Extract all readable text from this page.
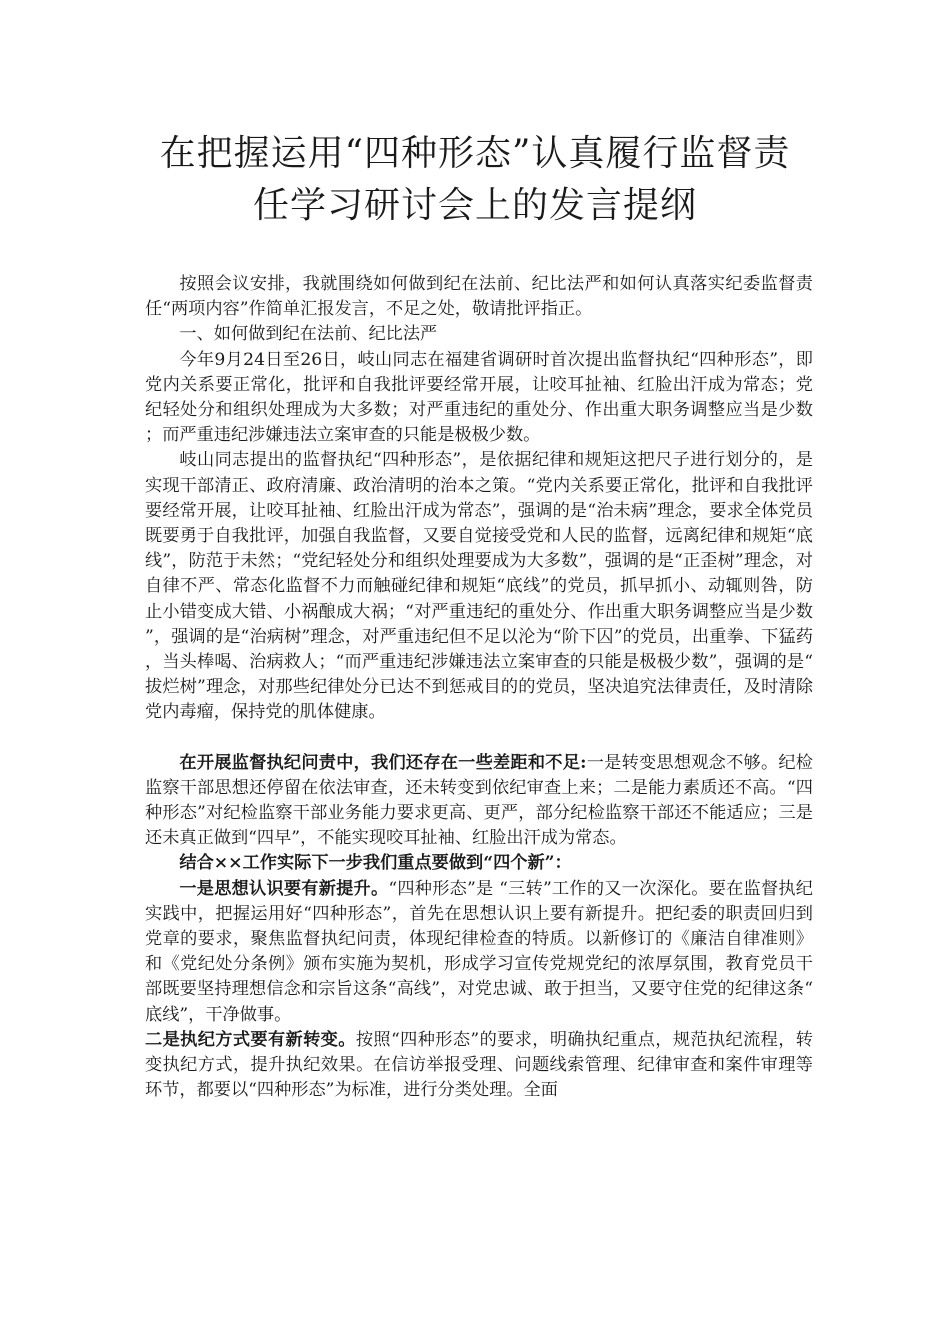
在把握运用“四种形态”认真履行监督责
任学习研讨会上的发言提纲

按照会议安排，我就围绕如何做到纪在法前、纪比法严和如何认真落实纪委监督责任“两项内容”作简单汇报发言，不足之处，敬请批评指正。

一、如何做到纪在法前、纪比法严

今年9月24日至26日，岐山同志在福建省调研时首次提出监督执纪“四种形态”，即党内关系要正常化，批评和自我批评要经常开展，让咬耳扯袖、红脸出汗成为常态；党纪轻处分和组织处理成为大多数；对严重违纪的重处分、作出重大职务调整应当是少数；而严重违纪涉嫌违法立案审查的只能是极极少数。

岐山同志提出的监督执纪“四种形态”，是依据纪律和规矩这把尺子进行划分的，是实现干部清正、政府清廉、政治清明的治本之策。“党内关系要正常化，批评和自我批评要经常开展，让咬耳扯袖、红脸出汗成为常态”，强调的是“治未病”理念，要求全体党员既要勇于自我批评，加强自我监督，又要自觉接受党和人民的监督，远离纪律和规矩“底线”，防范于未然；“党纪轻处分和组织处理要成为大多数”，强调的是“正歪树”理念，对自律不严、常态化监督不力而触碰纪律和规矩“底线”的党员，抓早抓小、动辄则咎，防止小错变成大错、小祸酿成大祸；“对严重违纪的重处分、作出重大职务调整应当是少数”，强调的是“治病树”理念，对严重违纪但不足以沦为“阶下囚”的党员，出重拳、下猛药，当头棒喝、治病救人；“而严重违纪涉嫌违法立案审查的只能是极极少数”，强调的是“拔烂树”理念，对那些纪律处分已达不到惩戒目的的党员，坚决追究法律责任，及时清除党内毒瘤，保持党的肌体健康。

在开展监督执纪问责中，我们还存在一些差距和不足:一是转变思想观念不够。纪检监察干部思想还停留在依法审查，还未转变到依纪审查上来；二是能力素质还不高。“四种形态”对纪检监察干部业务能力要求更高、更严，部分纪检监察干部还不能适应；三是还未真正做到“四早”，不能实现咬耳扯袖、红脸出汗成为常态。

结合××工作实际下一步我们重点要做到“四个新”：

一是思想认识要有新提升。“四种形态”是 “三转”工作的又一次深化。要在监督执纪实践中，把握运用好“四种形态”，首先在思想认识上要有新提升。把纪委的职责回归到党章的要求，聚焦监督执纪问责，体现纪律检查的特质。以新修订的《廉洁自律准则》和《党纪处分条例》颁布实施为契机，形成学习宣传党规党纪的浓厚氛围，教育党员干部既要坚持理想信念和宗旨这条“高线”，对党忠诚、敢于担当，又要守住党的纪律这条“底线”，干净做事。

二是执纪方式要有新转变。按照“四种形态”的要求，明确执纪重点，规范执纪流程，转变执纪方式，提升执纪效果。在信访举报受理、问题线索管理、纪律审查和案件审理等环节，都要以“四种形态”为标准，进行分类处理。全面
